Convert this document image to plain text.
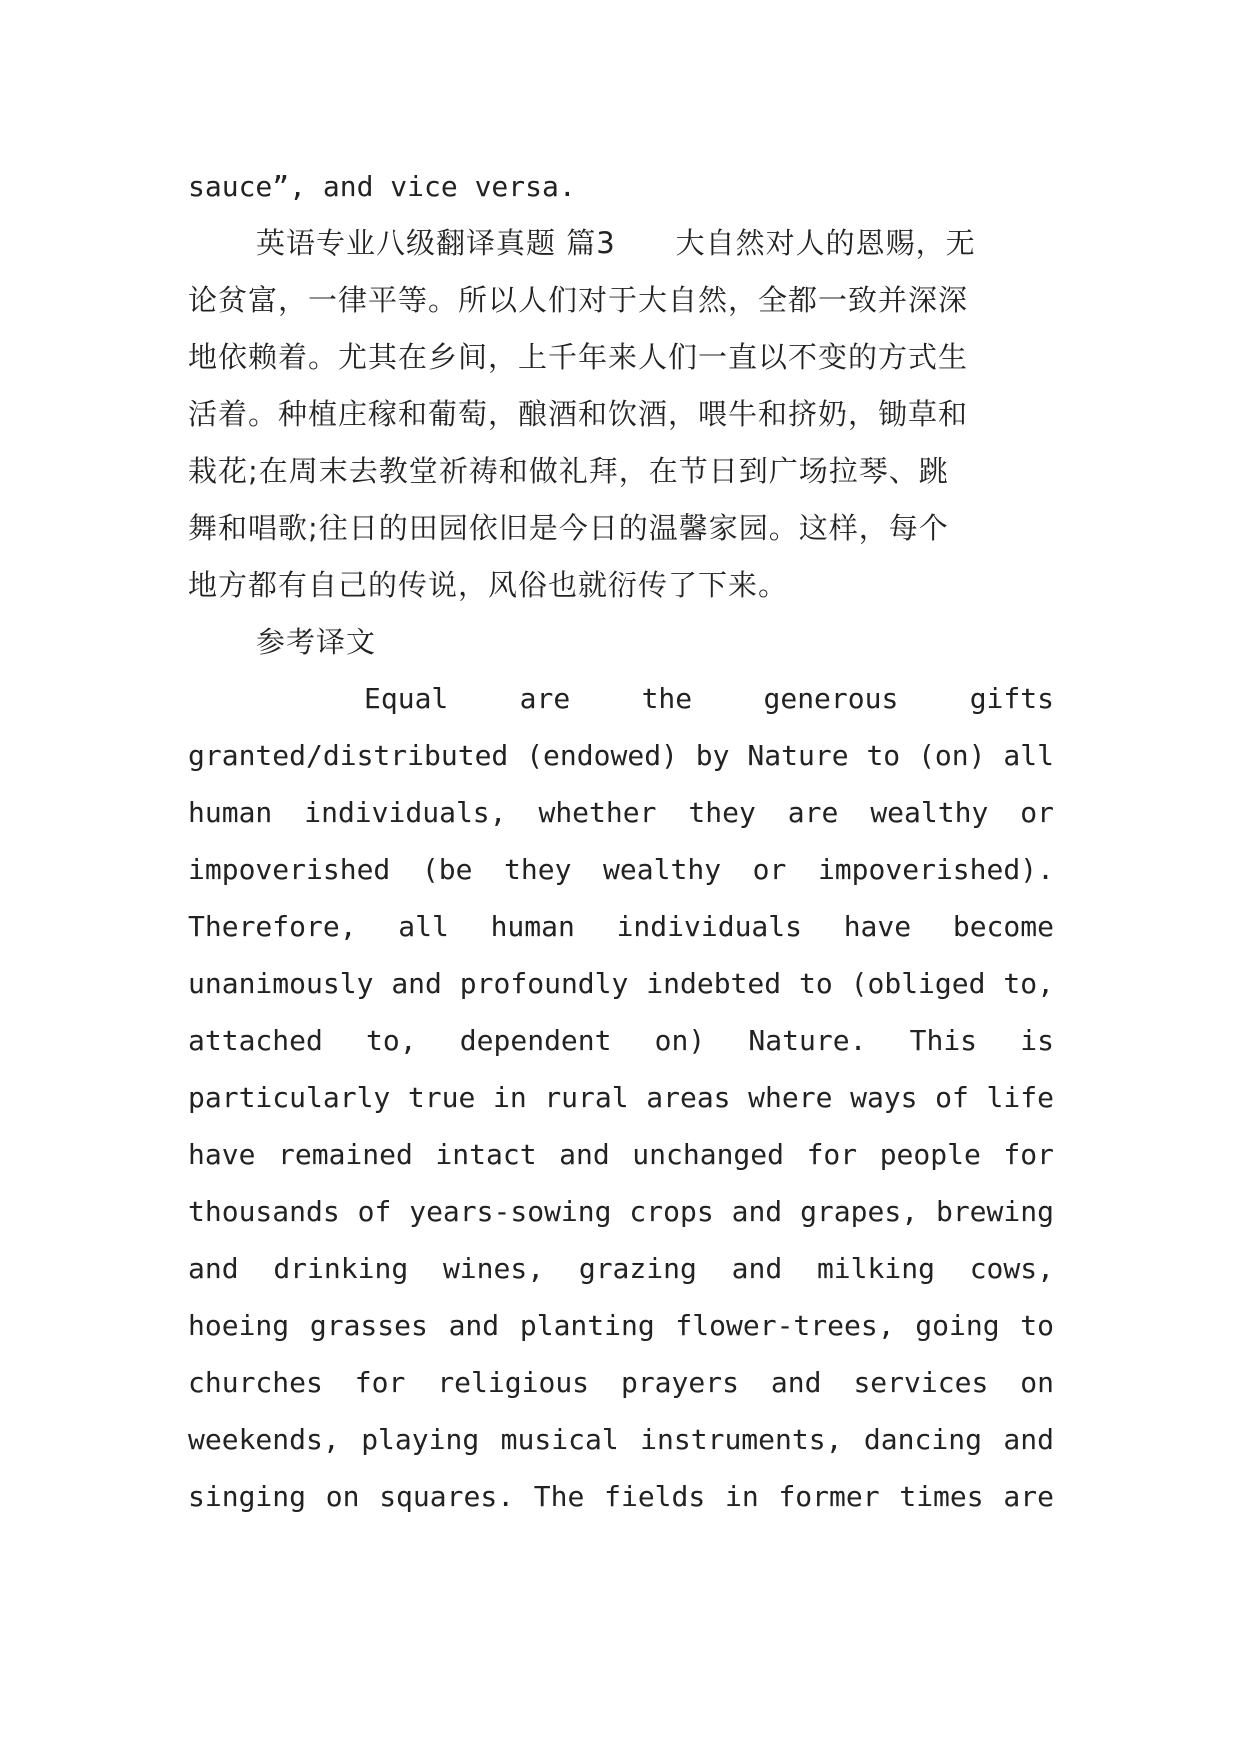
sauce”, and vice versa.
英语专业八级翻译真题 篇3　　大自然对人的恩赐，无
论贫富，一律平等。所以人们对于大自然，全都一致并深深
地依赖着。尤其在乡间，上千年来人们一直以不变的方式生
活着。种植庄稼和葡萄，酿酒和饮酒，喂牛和挤奶，锄草和
栽花;在周末去教堂祈祷和做礼拜，在节日到广场拉琴、跳
舞和唱歌;往日的田园依旧是今日的温馨家园。这样，每个
地方都有自己的传说，风俗也就衍传了下来。
参考译文
Equal	are	the	generous	gifts
granted/distributed (endowed) by Nature to (on) all
human individuals, whether they are wealthy or
impoverished (be they wealthy or impoverished).
Therefore, all human individuals have become
unanimously and profoundly indebted to (obliged to,
attached to, dependent on) Nature. This is
particularly true in rural areas where ways of life
have remained intact and unchanged for people for
thousands of years-sowing crops and grapes, brewing
and drinking wines, grazing and milking cows,
hoeing grasses and planting flower-trees, going to
churches for religious prayers and services on
weekends, playing musical instruments, dancing and
singing on squares. The fields in former times are
